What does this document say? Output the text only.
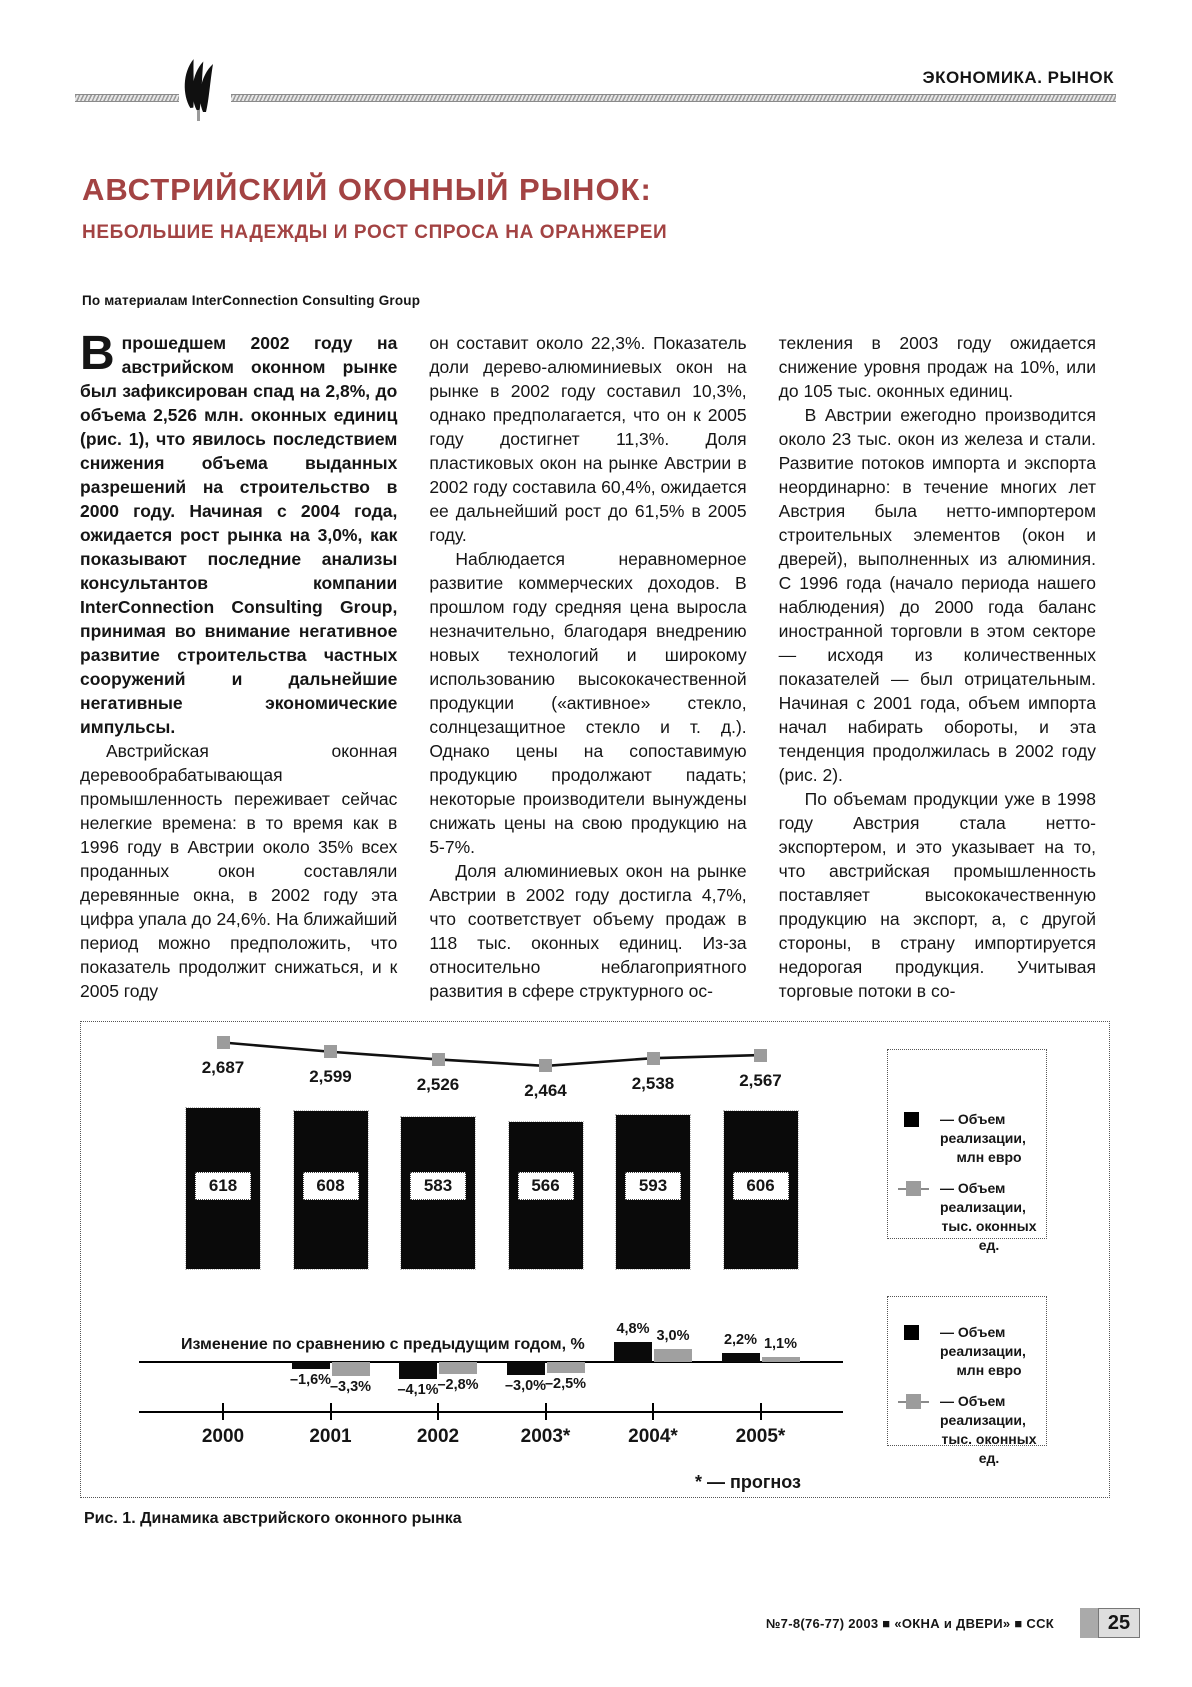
ЭКОНОМИКА. РЫНОК
АВСТРИЙСКИЙ ОКОННЫЙ РЫНОК:
НЕБОЛЬШИЕ НАДЕЖДЫ И РОСТ СПРОСА НА ОРАНЖЕРЕИ
По материалам InterConnection Consulting Group

Впрошедшем 2002 году на австрийском оконном рынке был зафиксирован спад на 2,8%, до объема 2,526 млн. оконных единиц (рис. 1), что явилось последствием снижения объема выданных разрешений на строительство в 2000 году. Начиная с 2004 года, ожидается рост рынка на 3,0%, как показывают последние анализы консультантов компании InterConnection Consulting Group, принимая во внимание негативное развитие строительства частных сооружений и дальнейшие негативные экономические импульсы.

Австрийская оконная деревообрабатывающая промышленность переживает сейчас нелегкие времена: в то время как в 1996 году в Австрии около 35% всех проданных окон составляли деревянные окна, в 2002 году эта цифра упала до 24,6%. На ближайший период можно предположить, что показатель продолжит снижаться, и к 2005 году

он составит около 22,3%. Показатель доли дерево-алюминиевых окон на рынке в 2002 году составил 10,3%, однако предполагается, что он к 2005 году достигнет 11,3%. Доля пластиковых окон на рынке Австрии в 2002 году составила 60,4%, ожидается ее дальнейший рост до 61,5% в 2005 году.

Наблюдается неравномерное развитие коммерческих доходов. В прошлом году средняя цена выросла незначительно, благодаря внедрению новых технологий и широкому использованию высококачественной продукции («активное» стекло, солнцезащитное стекло и т. д.). Однако цены на сопоставимую продукцию продолжают падать; некоторые производители вынуждены снижать цены на свою продукцию на 5-7%.

Доля алюминиевых окон на рынке Австрии в 2002 году достигла 4,7%, что соответствует объему продаж в 118 тыс. оконных единиц. Из-за относительно неблагоприятного развития в сфере структурного ос-

текления в 2003 году ожидается снижение уровня продаж на 10%, или до 105 тыс. оконных единиц.

В Австрии ежегодно производится около 23 тыс. окон из железа и стали. Развитие потоков импорта и экспорта неординарно: в течение многих лет Австрия была нетто-импортером строительных элементов (окон и дверей), выполненных из алюминия. С 1996 года (начало периода нашего наблюдения) до 2000 года баланс иностранной торговли в этом секторе — исходя из количественных показателей — был отрицательным. Начиная с 2001 года, объем импорта начал набирать обороты, и эта тенденция продолжилась в 2002 году (рис. 2).

По объемам продукции уже в 1998 году Австрия стала нетто-экспортером, и это указывает на то, что австрийская промышленность поставляет высококачественную продукцию на экспорт, а, с другой стороны, в страну импортируется недорогая продукция. Учитывая торговые потоки в со-

2,687	2,599	2,526	2,464	2,538	2,567
618	608	583	566	593	606
2000	2001
–1,6%
–3,3%
2002
–4,1%
–2,8%
2003*
–3,0%
–2,5%
2004*
4,8% 3,0%
2005*
2,2% 1,1%
Изменение по сравнению с предыдущим годом, %
* — прогноз
— Объем реализации,
млн евро
— Объем реализации,
тыс. оконных ед.
— Объем реализации,
млн евро
— Объем реализации,
тыс. оконных ед.
Рис. 1. Динамика австрийского оконного рынка
№7-8(76-77) 2003 ■ «ОКНА и ДВЕРИ» ■ ССК	25
